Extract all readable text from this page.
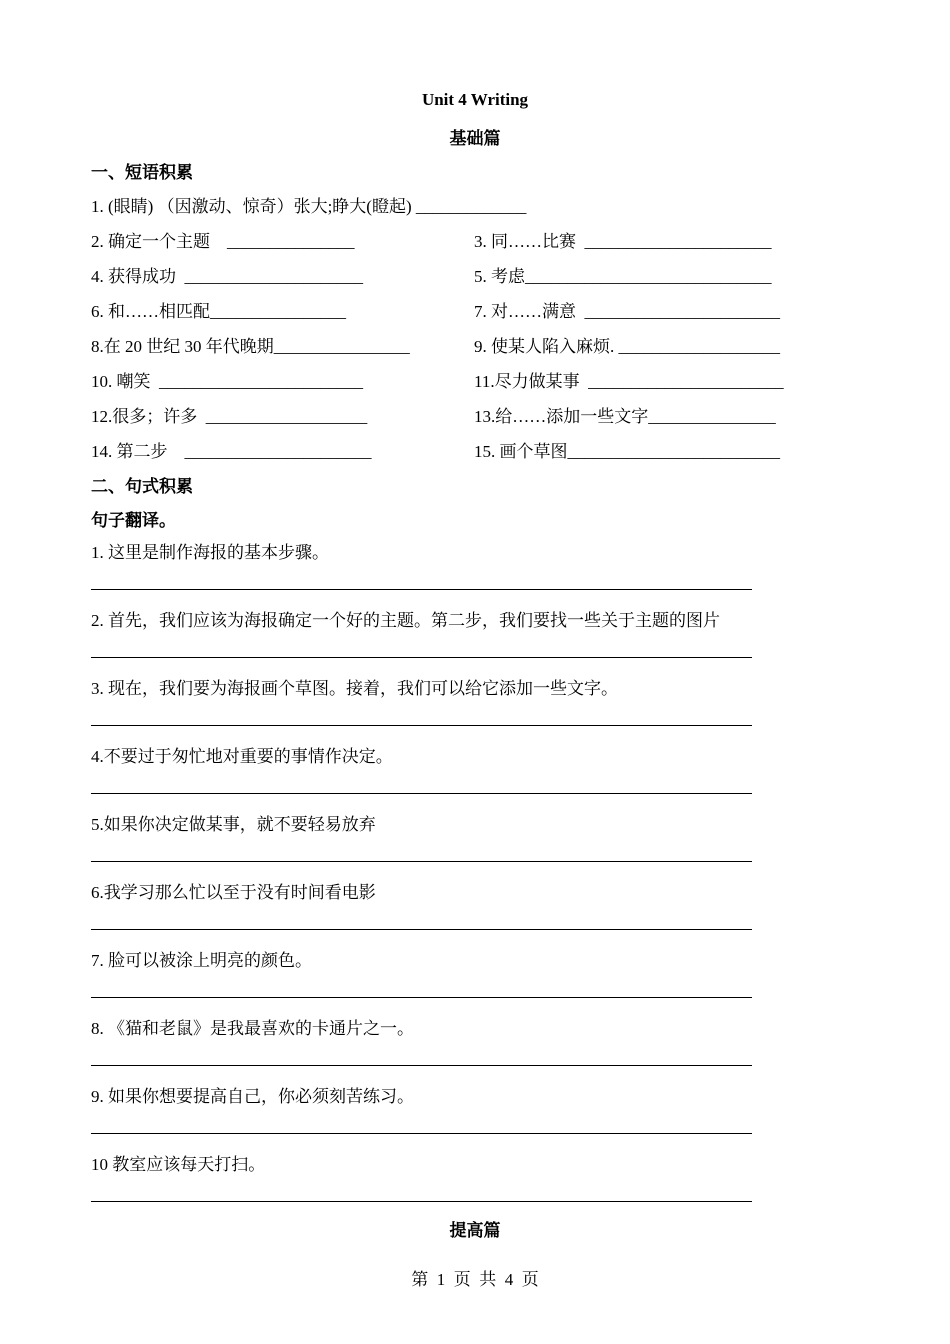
Unit 4 Writing
基础篇
一、短语积累
1. (眼睛) （因激动、惊奇）张大;睁大(瞪起) _____________
2. 确定一个主题    _______________	3. 同……比赛  ______________________
4. 获得成功  _____________________	5. 考虑_____________________________
6. 和……相匹配________________	7. 对……满意  _______________________
8.在 20 世纪 30 年代晚期________________	9. 使某人陷入麻烦. ___________________
10. 嘲笑  ________________________	11.尽力做某事  _______________________
12.很多；许多  ___________________	13.给……添加一些文字_______________
14. 第二步    ______________________	15. 画个草图_________________________
二、句式积累
句子翻译。
1. 这里是制作海报的基本步骤。
2. 首先，我们应该为海报确定一个好的主题。第二步，我们要找一些关于主题的图片
3. 现在，我们要为海报画个草图。接着，我们可以给它添加一些文字。
4.不要过于匆忙地对重要的事情作决定。
5.如果你决定做某事，就不要轻易放弃
6.我学习那么忙以至于没有时间看电影
7. 脸可以被涂上明亮的颜色。
8. 《猫和老鼠》是我最喜欢的卡通片之一。
9. 如果你想要提高自己，你必须刻苦练习。
10 教室应该每天打扫。
提高篇
第  1  页  共  4  页
